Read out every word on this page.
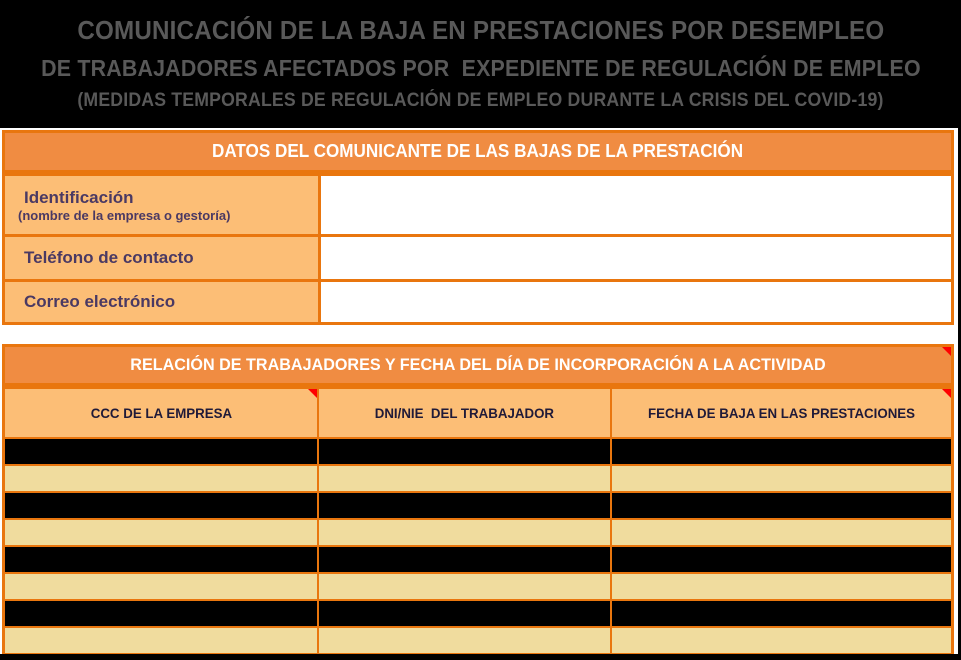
COMUNICACIÓN DE LA BAJA EN PRESTACIONES POR DESEMPLEO
DE TRABAJADORES AFECTADOS POR  EXPEDIENTE DE REGULACIÓN DE EMPLEO
(MEDIDAS TEMPORALES DE REGULACIÓN DE EMPLEO DURANTE LA CRISIS DEL COVID-19)
DATOS DEL COMUNICANTE DE LAS BAJAS DE LA PRESTACIÓN
Identificación
(nombre de la empresa o gestoría)
Teléfono de contacto
Correo electrónico
RELACIÓN DE TRABAJADORES Y FECHA DEL DÍA DE INCORPORACIÓN A LA ACTIVIDAD
CCC DE LA EMPRESA	DNI/NIE  DEL TRABAJADOR	FECHA DE BAJA EN LAS PRESTACIONES
